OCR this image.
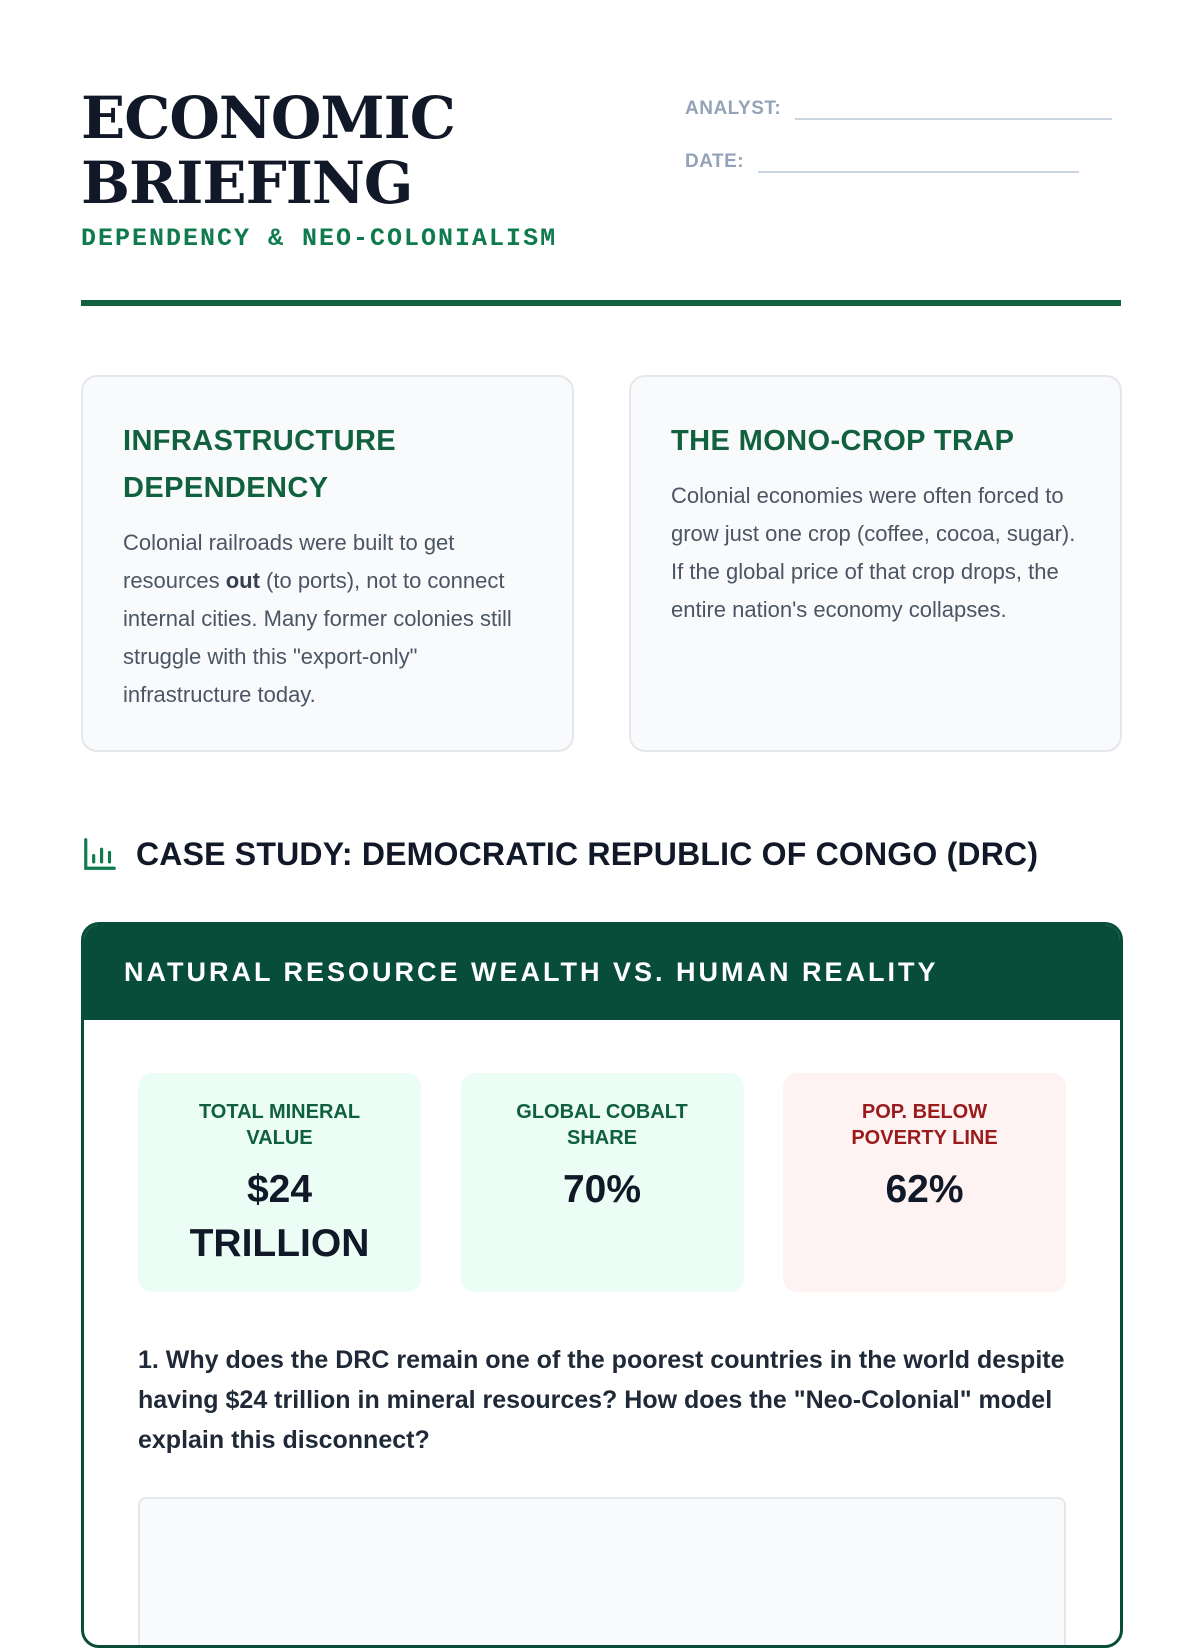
ECONOMIC BRIEFING
DEPENDENCY & NEO-COLONIALISM
ANALYST:
DATE:
INFRASTRUCTURE DEPENDENCY

Colonial railroads were built to get resources out (to ports), not to connect internal cities. Many former colonies still struggle with this "export-only" infrastructure today.

THE MONO-CROP TRAP

Colonial economies were often forced to grow just one crop (coffee, cocoa, sugar). If the global price of that crop drops, the entire nation's economy collapses.

CASE STUDY: DEMOCRATIC REPUBLIC OF CONGO (DRC)
NATURAL RESOURCE WEALTH VS. HUMAN REALITY
TOTAL MINERAL VALUE
$24 TRILLION
GLOBAL COBALT SHARE
70%
POP. BELOW POVERTY LINE
62%

1. Why does the DRC remain one of the poorest countries in the world despite having $24 trillion in mineral resources? How does the "Neo-Colonial" model explain this disconnect?
